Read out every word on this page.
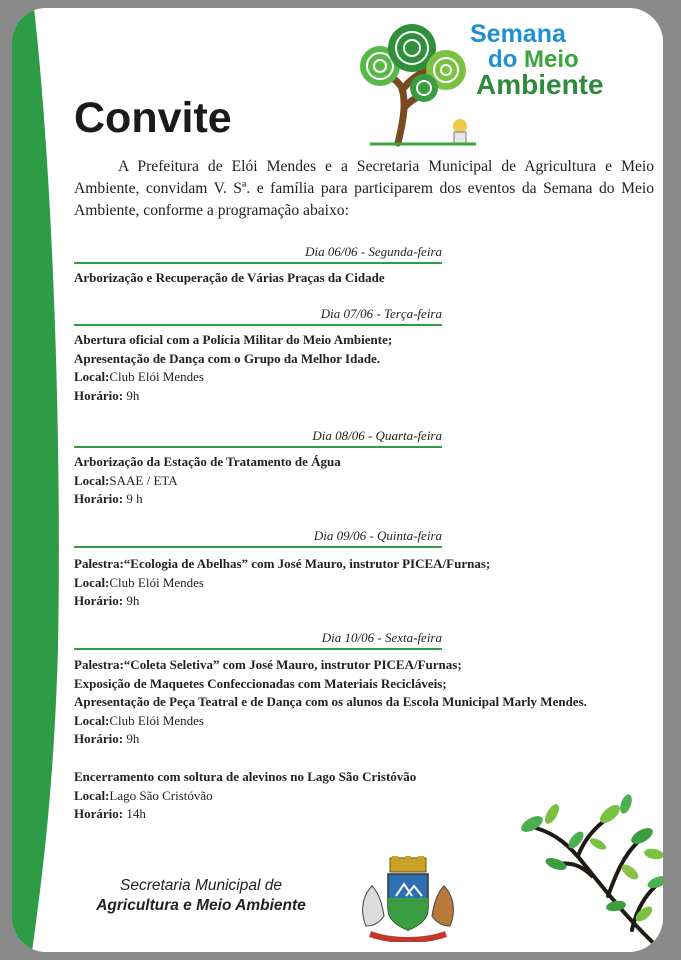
Semana
do Meio
Ambiente
Convite

A Prefeitura de Elói Mendes e a Secretaria Municipal de Agricultura e Meio Ambiente, convidam V. Sª. e família para participarem dos eventos da Semana do Meio Ambiente, conforme a programação abaixo:

Dia 06/06 - Segunda-feira

Arborização e Recuperação de Várias Praças da Cidade

Dia 07/06 - Terça-feira

Abertura oficial com a Polícia Militar do Meio Ambiente;

Apresentação de Dança com o Grupo da Melhor Idade.

Local:Club Elói Mendes

Horário: 9h

Dia 08/06 - Quarta-feira

Arborização da Estação de Tratamento de Água

Local:SAAE / ETA

Horário: 9 h

Dia 09/06 - Quinta-feira

Palestra:“Ecologia de Abelhas” com José Mauro, instrutor PICEA/Furnas;

Local:Club Elói Mendes

Horário: 9h

Dia 10/06 - Sexta-feira

Palestra:“Coleta Seletiva” com José Mauro, instrutor PICEA/Furnas;

Exposição de Maquetes Confeccionadas com Materiais Recicláveis;

Apresentação de Peça Teatral e de Dança com os alunos da Escola Municipal Marly Mendes.

Local:Club Elói Mendes

Horário: 9h

Encerramento com soltura de alevinos no Lago São Cristóvão

Local:Lago São Cristóvão

Horário: 14h

Secretaria Municipal de
Agricultura e Meio Ambiente
